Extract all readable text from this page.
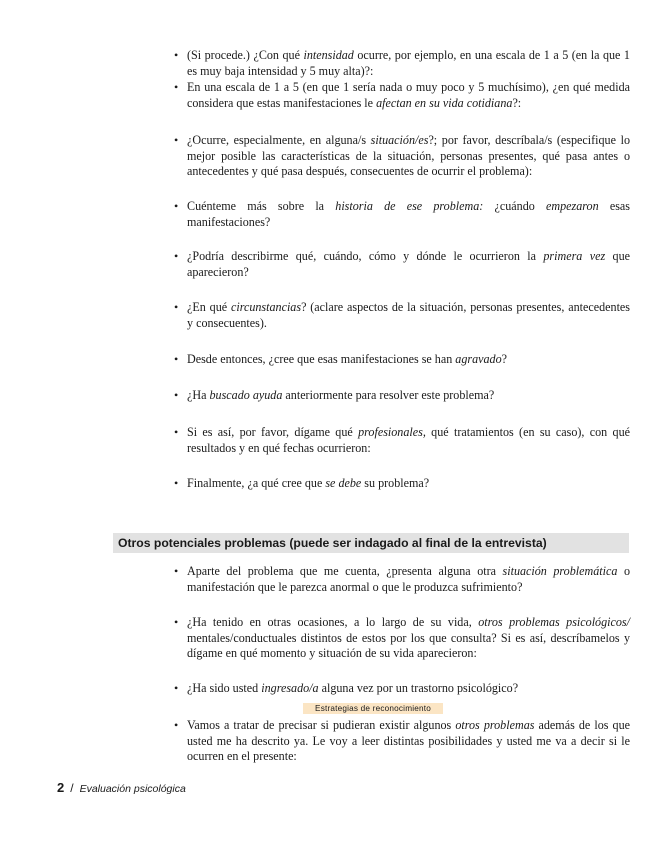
• (Si procede.) ¿Con qué intensidad ocurre, por ejemplo, en una escala de 1 a 5 (en la que 1 es muy baja intensidad y 5 muy alta)?:
• En una escala de 1 a 5 (en que 1 sería nada o muy poco y 5 muchísimo), ¿en qué medida considera que estas manifestaciones le afectan en su vida cotidiana?:
• ¿Ocurre, especialmente, en alguna/s situación/es?; por favor, descríbala/s (especifique lo mejor posible las características de la situación, personas presentes, qué pasa antes o antecedentes y qué pasa después, consecuentes de ocurrir el problema):
• Cuénteme más sobre la historia de ese problema: ¿cuándo empezaron esas manifestaciones?
• ¿Podría describirme qué, cuándo, cómo y dónde le ocurrieron la primera vez que aparecieron?
• ¿En qué circunstancias? (aclare aspectos de la situación, personas presentes, antecedentes y consecuentes).
• Desde entonces, ¿cree que esas manifestaciones se han agravado?
• ¿Ha buscado ayuda anteriormente para resolver este problema?
• Si es así, por favor, dígame qué profesionales, qué tratamientos (en su caso), con qué resultados y en qué fechas ocurrieron:
• Finalmente, ¿a qué cree que se debe su problema?
Otros potenciales problemas (puede ser indagado al final de la entrevista)
• Aparte del problema que me cuenta, ¿presenta alguna otra situación problemática o manifestación que le parezca anormal o que le produzca sufrimiento?
• ¿Ha tenido en otras ocasiones, a lo largo de su vida, otros problemas psicológicos/ mentales/conductuales distintos de estos por los que consulta? Si es así, descríbamelos y dígame en qué momento y situación de su vida aparecieron:
• ¿Ha sido usted ingresado/a alguna vez por un trastorno psicológico?
• Vamos a tratar de precisar si pudieran existir algunos otros problemas además de los que usted me ha descrito ya. Le voy a leer distintas posibilidades y usted me va a decir si le ocurren en el presente:
Estrategias de reconocimiento
2 / Evaluación psicológica
